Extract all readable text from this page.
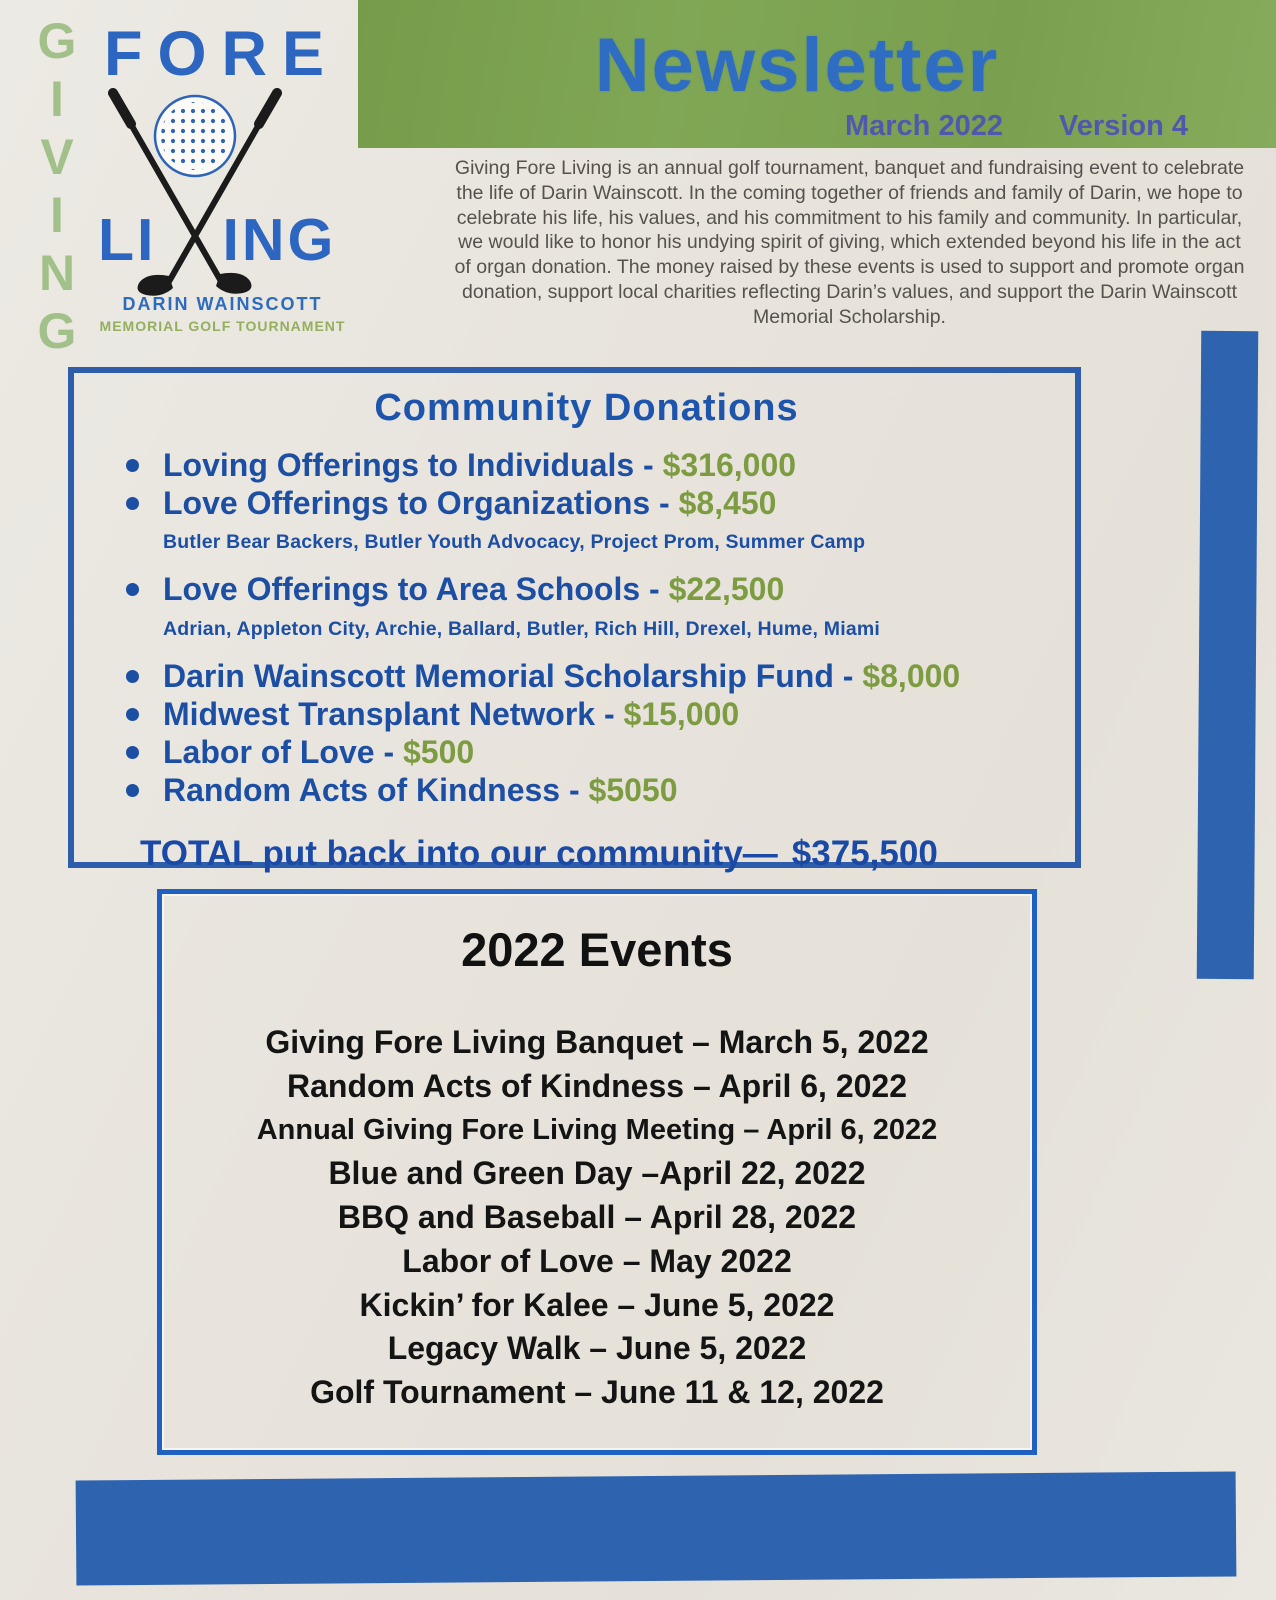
Newsletter
March 2022 Version 4
G
I
V
I
N
G
FORE
LI ING
DARIN WAINSCOTT
MEMORIAL GOLF TOURNAMENT
Giving Fore Living is an annual golf tournament, banquet and fundraising event to celebrate the life of Darin Wainscott. In the coming together of friends and family of Darin, we hope to celebrate his life, his values, and his commitment to his family and community. In particular, we would like to honor his undying spirit of giving, which extended beyond his life in the act of organ donation. The money raised by these events is used to support and promote organ donation, support local charities reflecting Darin’s values, and support the Darin Wainscott Memorial Scholarship.
Community Donations
Loving Offerings to Individuals
-
$316,000
Love Offerings to Organizations
-
$8,450
Butler Bear Backers, Butler Youth Advocacy, Project Prom, Summer Camp
Love Offerings to Area Schools
-
$22,500
Adrian, Appleton City, Archie, Ballard, Butler, Rich Hill, Drexel, Hume, Miami
Darin Wainscott Memorial Scholarship Fund
-
$8,000
Midwest Transplant Network
-
$15,000
Labor of Love
-
$500
Random Acts of Kindness
-
$5050
TOTAL put back into our community— $375,500
2022 Events
Giving Fore Living Banquet – March 5, 2022
Random Acts of Kindness – April 6, 2022
Annual Giving Fore Living Meeting – April 6, 2022
Blue and Green Day –April 22, 2022
BBQ and Baseball – April 28, 2022
Labor of Love – May 2022
Kickin’ for Kalee – June 5, 2022
Legacy Walk – June 5, 2022
Golf Tournament – June 11 & 12, 2022
